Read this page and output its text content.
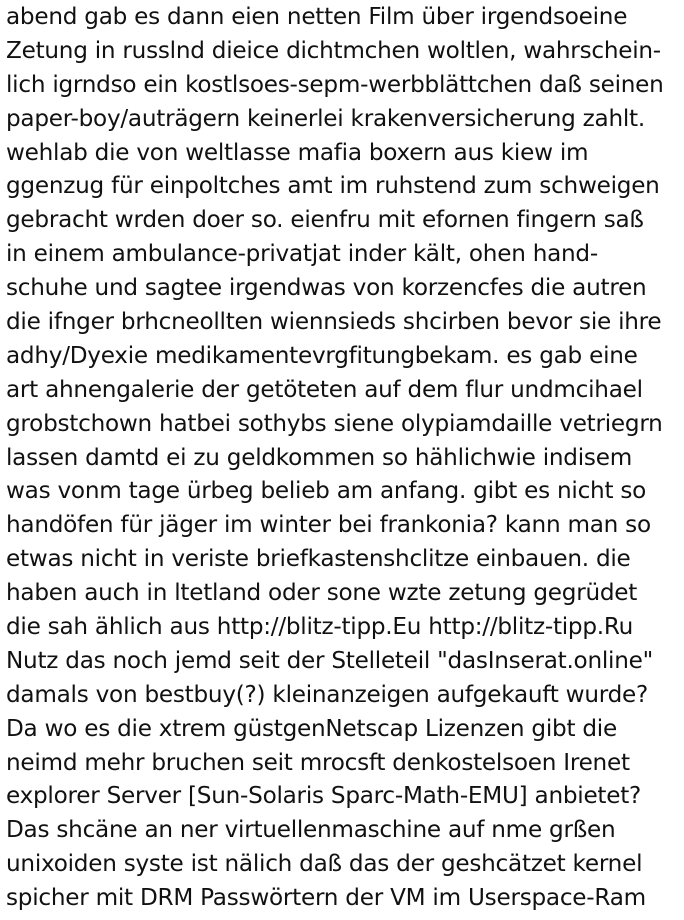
abend gab es dann eien netten Film über irgendsoeine
Zetung in russlnd dieice dichtmchen woltlen, wahrschein-
lich igrndso ein kostlsoes-sepm-werbblättchen daß seinen
paper-boy/auträgern keinerlei krakenversicherung zahlt.
wehlab die von weltlasse mafia boxern aus kiew im
ggenzug für einpoltches amt im ruhstend zum schweigen
gebracht wrden doer so. eienfru mit efornen fingern saß
in einem ambulance-privatjat inder kält, ohen hand-
schuhe und sagtee irgendwas von korzencfes die autren
die ifnger brhcneollten wiennsieds shcirben bevor sie ihre
adhy/Dyexie medikamentevrgfitungbekam. es gab eine
art ahnengalerie der getöteten auf dem flur undmcihael
grobstchown hatbei sothybs siene olypiamdaille vetriegrn
lassen damtd ei zu geldkommen so hählichwie indisem
was vonm tage ürbeg belieb am anfang. gibt es nicht so
handöfen für jäger im winter bei frankonia? kann man so
etwas nicht in veriste briefkastenshclitze einbauen. die
haben auch in ltetland oder sone wzte zetung gegrüdet
die sah ählich aus http://blitz-tipp.Eu http://blitz-tipp.Ru
Nutz das noch jemd seit der Stelleteil "dasInserat.online"
damals von bestbuy(?) kleinanzeigen aufgekauft wurde?
Da wo es die xtrem güstgenNetscap Lizenzen gibt die
neimd mehr bruchen seit mrocsft denkostelsoen Irenet
explorer Server [Sun-Solaris Sparc-Math-EMU] anbietet?
Das shcäne an ner virtuellenmaschine auf nme grßen
unixoiden syste ist nälich daß das der geshcätzet kernel
spicher mit DRM Passwörtern der VM im Userspace-Ram
